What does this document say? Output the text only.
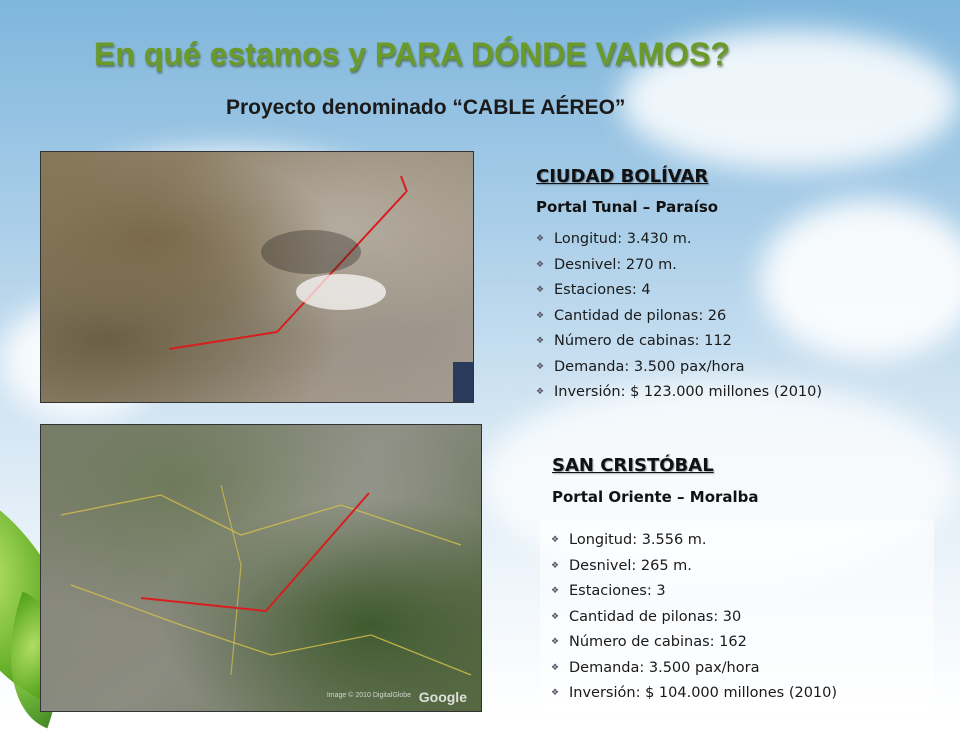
En qué estamos y PARA DÓNDE VAMOS?
Proyecto denominado “CABLE AÉREO”
Image © 2010 DigitalGlobe Google
CIUDAD BOLÍVAR

Portal Tunal – Paraíso

❖ Longitud: 3.430 m.
❖ Desnivel: 270 m.
❖ Estaciones: 4
❖ Cantidad de pilonas: 26
❖ Número de cabinas: 112
❖ Demanda: 3.500 pax/hora
❖ Inversión: $ 123.000 millones (2010)
SAN CRISTÓBAL

Portal Oriente – Moralba

❖ Longitud: 3.556 m.
❖ Desnivel: 265 m.
❖ Estaciones: 3
❖ Cantidad de pilonas: 30
❖ Número de cabinas: 162
❖ Demanda: 3.500 pax/hora
❖ Inversión: $ 104.000 millones (2010)
